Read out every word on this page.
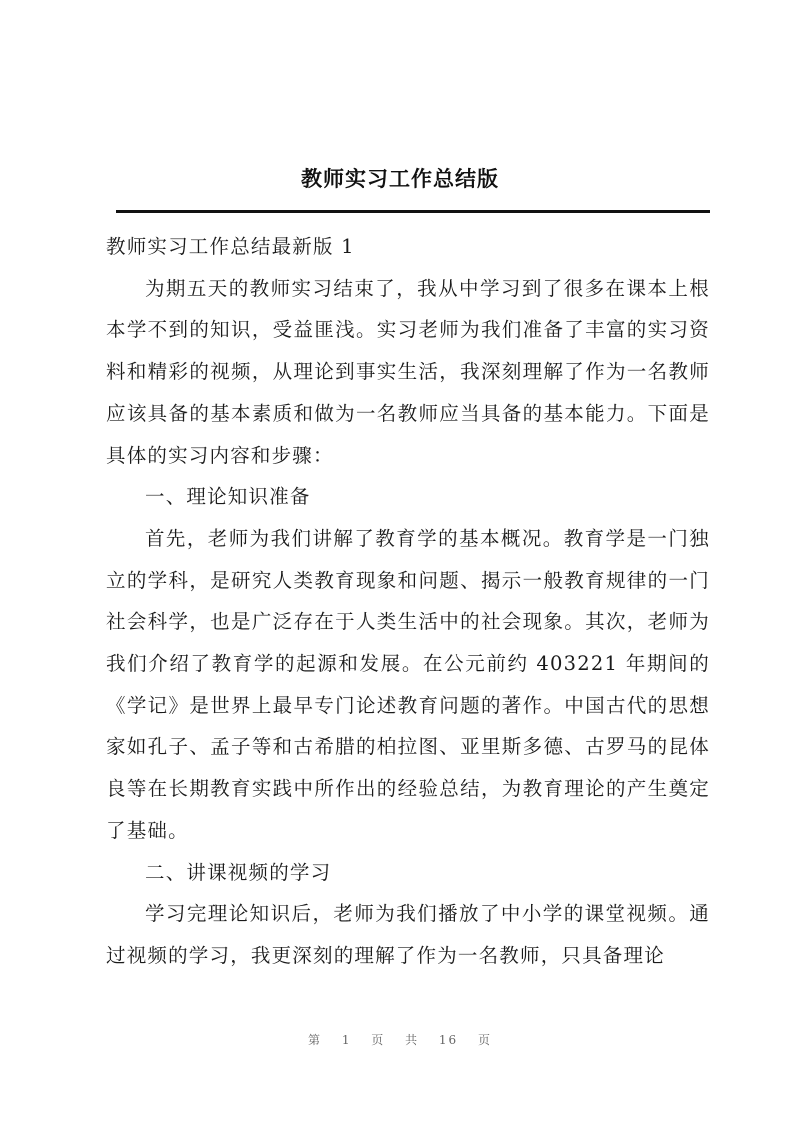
教师实习工作总结版

教师实习工作总结最新版 1

为期五天的教师实习结束了，我从中学习到了很多在课本上根本学不到的知识，受益匪浅。实习老师为我们准备了丰富的实习资料和精彩的视频，从理论到事实生活，我深刻理解了作为一名教师应该具备的基本素质和做为一名教师应当具备的基本能力。下面是具体的实习内容和步骤：

一、理论知识准备

首先，老师为我们讲解了教育学的基本概况。教育学是一门独立的学科，是研究人类教育现象和问题、揭示一般教育规律的一门社会科学，也是广泛存在于人类生活中的社会现象。其次，老师为我们介绍了教育学的起源和发展。在公元前约 403221 年期间的《学记》是世界上最早专门论述教育问题的著作。中国古代的思想家如孔子、孟子等和古希腊的柏拉图、亚里斯多德、古罗马的昆体良等在长期教育实践中所作出的经验总结，为教育理论的产生奠定了基础。

二、讲课视频的学习

学习完理论知识后，老师为我们播放了中小学的课堂视频。通过视频的学习，我更深刻的理解了作为一名教师，只具备理论

第 1 页 共 16 页
